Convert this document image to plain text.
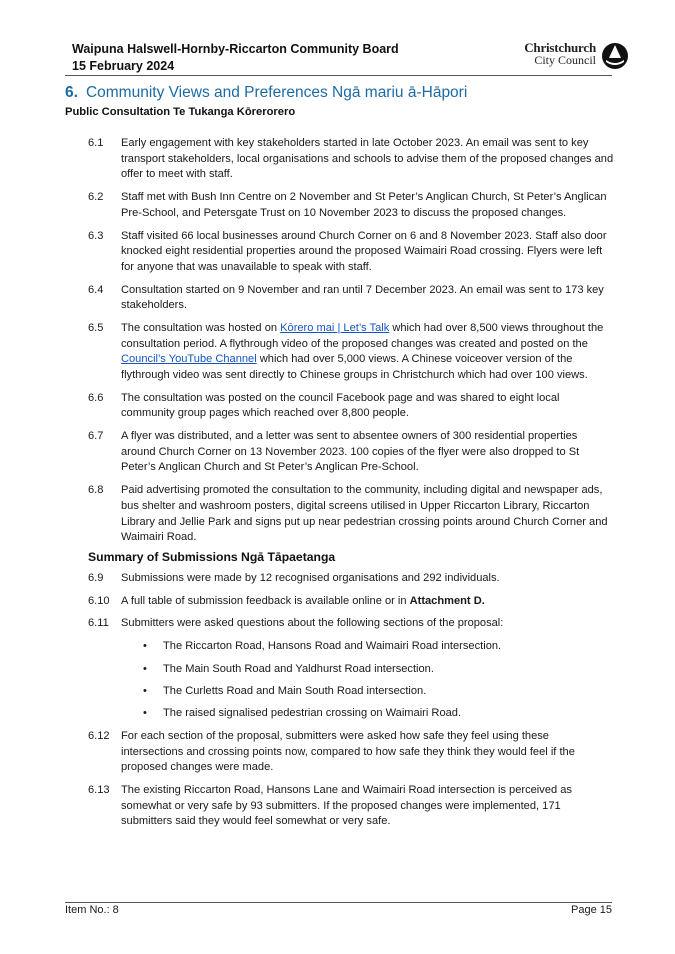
Waipuna Halswell-Hornby-Riccarton Community Board
15 February 2024
Christchurch
City Council
6. Community Views and Preferences Ngā mariu ā-Hāpori
Public Consultation Te Tukanga Kōrerorero
6.1	Early engagement with key stakeholders started in late October 2023. An email was sent to key transport stakeholders, local organisations and schools to advise them of the proposed changes and offer to meet with staff.
6.2	Staff met with Bush Inn Centre on 2 November and St Peter’s Anglican Church, St Peter’s Anglican Pre-School, and Petersgate Trust on 10 November 2023 to discuss the proposed changes.
6.3	Staff visited 66 local businesses around Church Corner on 6 and 8 November 2023. Staff also door knocked eight residential properties around the proposed Waimairi Road crossing. Flyers were left for anyone that was unavailable to speak with staff.
6.4	Consultation started on 9 November and ran until 7 December 2023. An email was sent to 173 key stakeholders.
6.5	The consultation was hosted on Kōrero mai | Let’s Talk which had over 8,500 views throughout the consultation period. A flythrough video of the proposed changes was created and posted on the Council’s YouTube Channel which had over 5,000 views. A Chinese voiceover version of the flythrough video was sent directly to Chinese groups in Christchurch which had over 100 views.
6.6	The consultation was posted on the council Facebook page and was shared to eight local community group pages which reached over 8,800 people.
6.7	A flyer was distributed, and a letter was sent to absentee owners of 300 residential properties around Church Corner on 13 November 2023. 100 copies of the flyer were also dropped to St Peter’s Anglican Church and St Peter’s Anglican Pre-School.
6.8	Paid advertising promoted the consultation to the community, including digital and newspaper ads, bus shelter and washroom posters, digital screens utilised in Upper Riccarton Library, Riccarton Library and Jellie Park and signs put up near pedestrian crossing points around Church Corner and Waimairi Road.
Summary of Submissions Ngā Tāpaetanga
6.9	Submissions were made by 12 recognised organisations and 292 individuals.
6.10	A full table of submission feedback is available online or in Attachment D.
6.11	Submitters were asked questions about the following sections of the proposal:
• The Riccarton Road, Hansons Road and Waimairi Road intersection.
• The Main South Road and Yaldhurst Road intersection.
• The Curletts Road and Main South Road intersection.
• The raised signalised pedestrian crossing on Waimairi Road.
6.12	For each section of the proposal, submitters were asked how safe they feel using these intersections and crossing points now, compared to how safe they think they would feel if the proposed changes were made.
6.13	The existing Riccarton Road, Hansons Lane and Waimairi Road intersection is perceived as somewhat or very safe by 93 submitters. If the proposed changes were implemented, 171 submitters said they would feel somewhat or very safe.
Item No.: 8	Page 15
